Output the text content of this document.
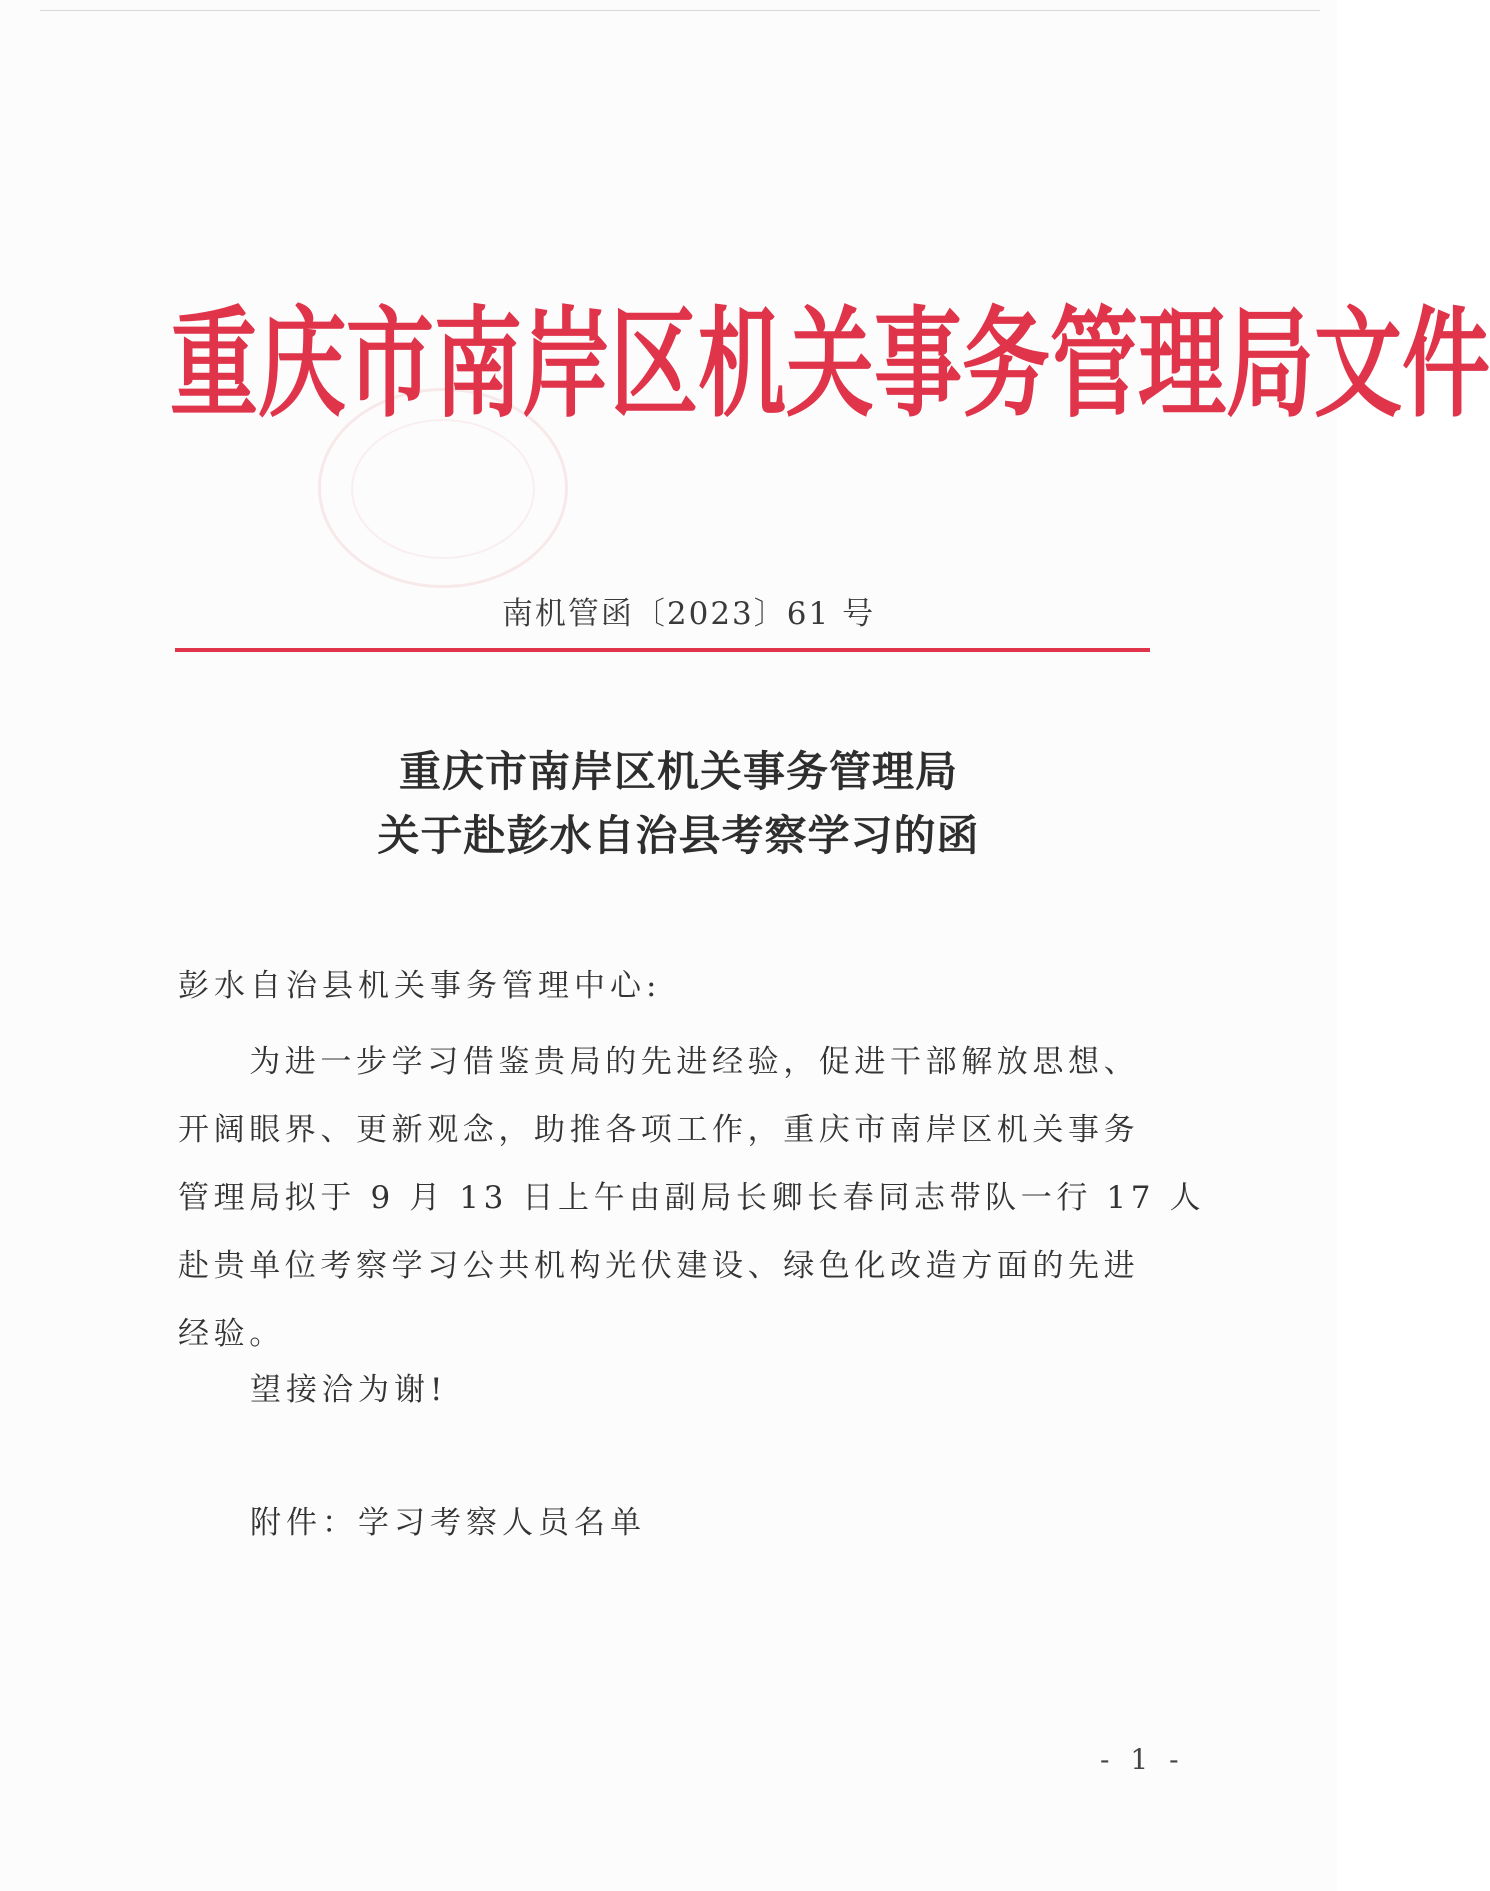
重庆市南岸区机关事务管理局文件
南机管函〔2023〕61 号
重庆市南岸区机关事务管理局
关于赴彭水自治县考察学习的函
彭水自治县机关事务管理中心:
　　为进一步学习借鉴贵局的先进经验，促进干部解放思想、
开阔眼界、更新观念，助推各项工作，重庆市南岸区机关事务
管理局拟于 9 月 13 日上午由副局长卿长春同志带队一行 17 人
赴贵单位考察学习公共机构光伏建设、绿色化改造方面的先进
经验。
望接洽为谢!
附件：学习考察人员名单
- 1 -
